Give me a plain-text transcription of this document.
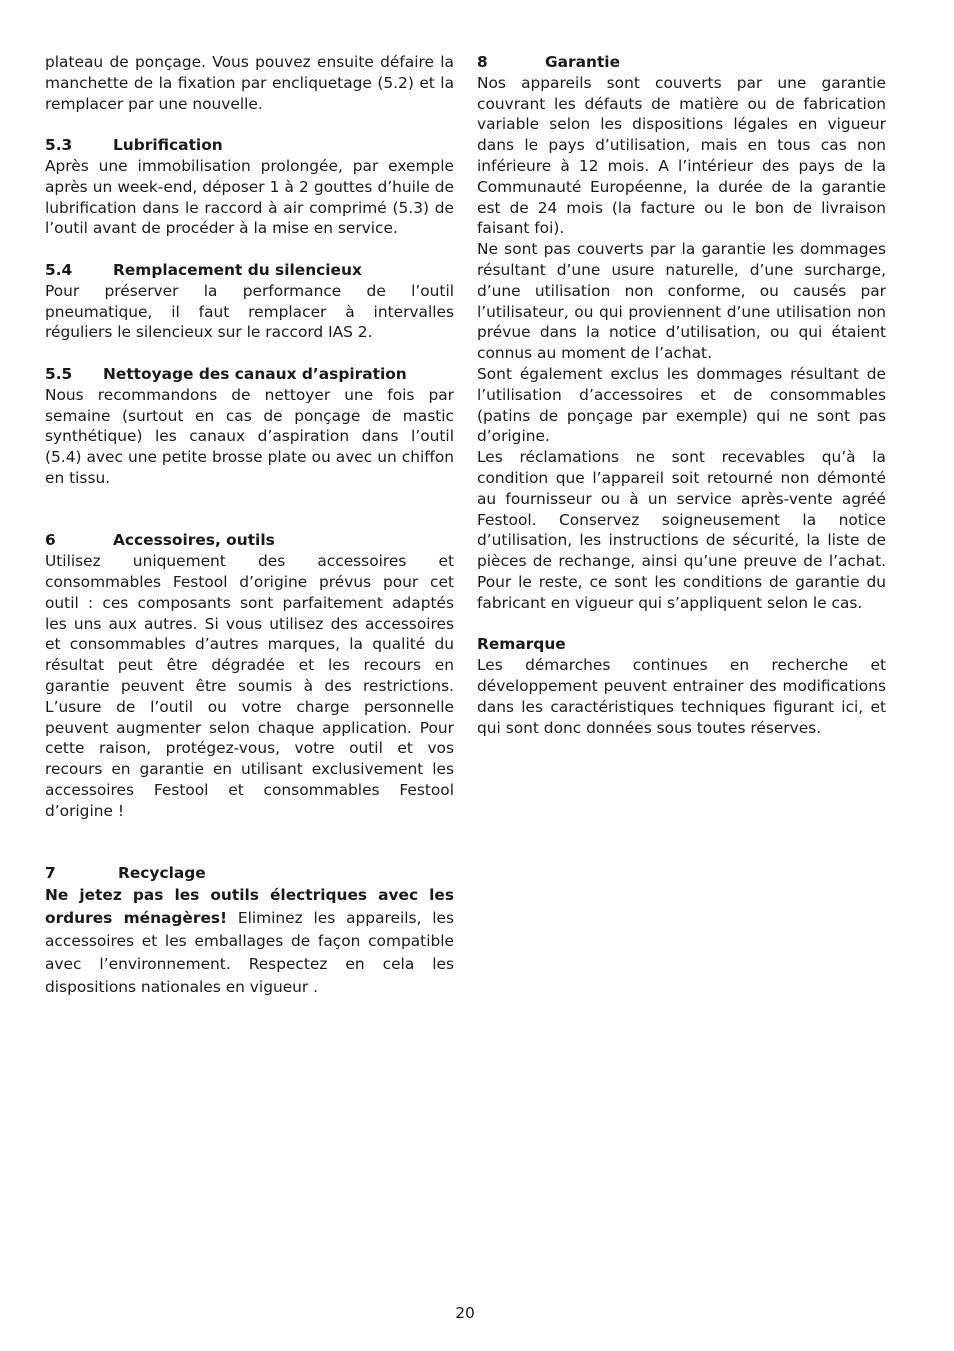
plateau de ponçage. Vous pouvez ensuite défaire la manchette de la fixation par encliquetage (5.2) et la remplacer par une nouvelle.

5.3	Lubrification

Après une immobilisation prolongée, par exemple après un week-end, déposer 1 à 2 gouttes d’huile de lubrification dans le raccord à air comprimé (5.3) de l’outil avant de procéder à la mise en service.

5.4	Remplacement du silencieux

Pour préserver la performance de l’outil pneumatique, il faut remplacer à intervalles réguliers le silencieux sur le raccord IAS 2.

5.5	Nettoyage des canaux d’aspiration

Nous recommandons de nettoyer une fois par semaine (surtout en cas de ponçage de mastic synthétique) les canaux d’aspiration dans l’outil (5.4) avec une petite brosse plate ou avec un chiffon en tissu.

6	Accessoires, outils

Utilisez uniquement des accessoires et consommables Festool d’origine prévus pour cet outil : ces composants sont parfaitement adaptés les uns aux autres. Si vous utilisez des accessoires et consommables d’autres marques, la qualité du résultat peut être dégradée et les recours en garantie peuvent être soumis à des restrictions. L’usure de l’outil ou votre charge personnelle peuvent augmenter selon chaque application. Pour cette raison, protégez-vous, votre outil et vos recours en garantie en utilisant exclusivement les accessoires Festool et consommables Festool d’origine !

7	Recyclage

Ne jetez pas les outils électriques avec les ordures ménagères! Eliminez les appareils, les accessoires et les emballages de façon compatible avec l’environnement. Respectez en cela les dispositions nationales en vigueur .

8	Garantie

Nos appareils sont couverts par une garantie couvrant les défauts de matière ou de fabrication variable selon les dispositions légales en vigueur dans le pays d’utilisation, mais en tous cas non inférieure à 12 mois. A l’intérieur des pays de la Communauté Européenne, la durée de la garantie est de 24 mois (la facture ou le bon de livraison faisant foi).

Ne sont pas couverts par la garantie les dommages résultant d’une usure naturelle, d’une surcharge, d’une utilisation non conforme, ou causés par l’utilisateur, ou qui proviennent d’une utilisation non prévue dans la notice d’utilisation, ou qui étaient connus au moment de l’achat.

Sont également exclus les dommages résultant de l’utilisation d’accessoires et de consommables (patins de ponçage par exemple) qui ne sont pas d’origine.

Les réclamations ne sont recevables qu’à la condition que l’appareil soit retourné non démonté au fournisseur ou à un service après-vente agréé Festool. Conservez soigneusement la notice d’utilisation, les instructions de sécurité, la liste de pièces de rechange, ainsi qu’une preuve de l’achat. Pour le reste, ce sont les conditions de garantie du fabricant en vigueur qui s’appliquent selon le cas.

Remarque

Les démarches continues en recherche et développement peuvent entrainer des modifications dans les caractéristiques techniques figurant ici, et qui sont donc données sous toutes réserves.

20
